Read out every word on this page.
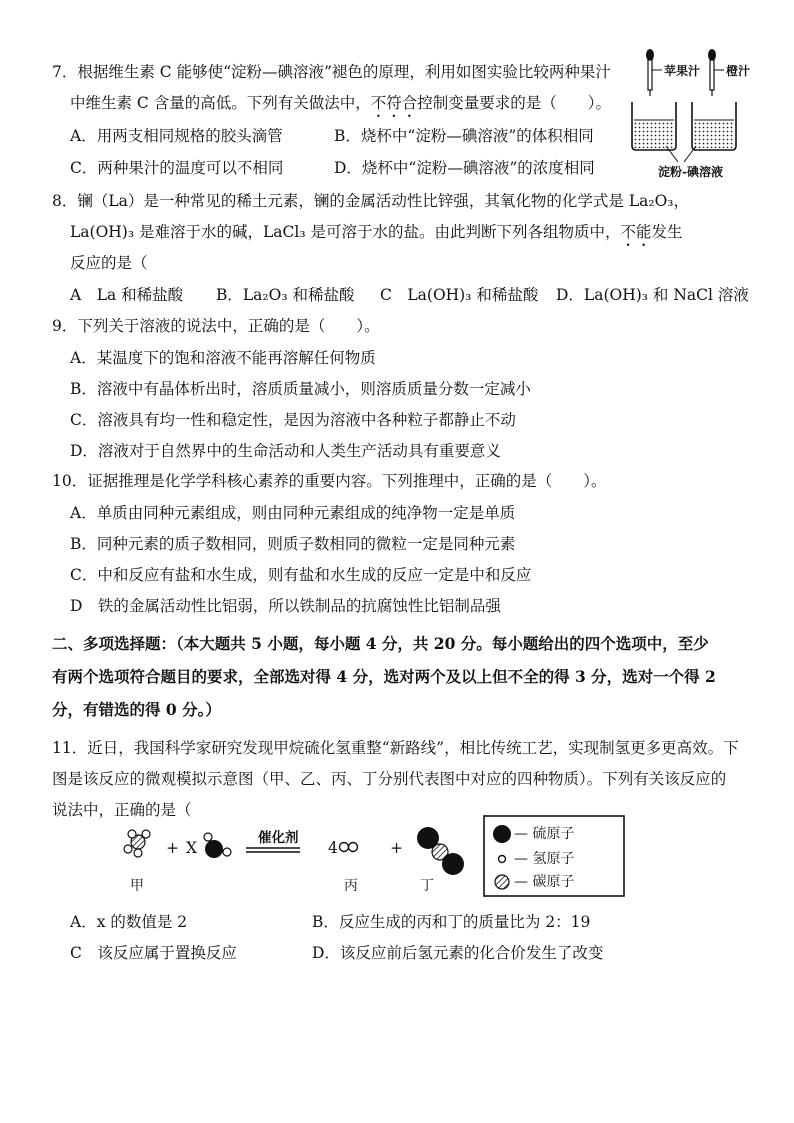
7．根据维生素 C 能够使“淀粉—碘溶液”褪色的原理，利用如图实验比较两种果汁
中维生素 C 含量的高低。下列有关做法中，不符合控制变量要求的是（　　）。
A．用两支相同规格的胶头滴管	B．烧杯中“淀粉—碘溶液”的体积相同
C．两种果汁的温度可以不相同	D．烧杯中“淀粉—碘溶液”的浓度相同
苹果汁 橙汁
淀粉-碘溶液
8．镧（La）是一种常见的稀土元素，镧的金属活动性比锌强，其氧化物的化学式是 La₂O₃，
La(OH)₃ 是难溶于水的碱，LaCl₃ 是可溶于水的盐。由此判断下列各组物质中，不能发生
反应的是（
A　La 和稀盐酸 B．La₂O₃ 和稀盐酸 C　La(OH)₃ 和稀盐酸 D．La(OH)₃ 和 NaCl 溶液
9．下列关于溶液的说法中，正确的是（　　）。
A．某温度下的饱和溶液不能再溶解任何物质
B．溶液中有晶体析出时，溶质质量减小，则溶质质量分数一定减小
C．溶液具有均一性和稳定性，是因为溶液中各种粒子都静止不动
D．溶液对于自然界中的生命活动和人类生产活动具有重要意义
10．证据推理是化学学科核心素养的重要内容。下列推理中，正确的是（　　）。
A．单质由同种元素组成，则由同种元素组成的纯净物一定是单质
B．同种元素的质子数相同，则质子数相同的微粒一定是同种元素
C．中和反应有盐和水生成，则有盐和水生成的反应一定是中和反应
D　铁的金属活动性比铝弱，所以铁制品的抗腐蚀性比铝制品强
二、多项选择题：（本大题共 5 小题，每小题 4 分，共 20 分。每小题给出的四个选项中，至少
有两个选项符合题目的要求，全部选对得 4 分，选对两个及以上但不全的得 3 分，选对一个得 2
分，有错选的得 0 分。）
11．近日，我国科学家研究发现甲烷硫化氢重整“新路线”，相比传统工艺，实现制氢更多更高效。下
图是该反应的微观模拟示意图（甲、乙、丙、丁分别代表图中对应的四种物质）。下列有关该反应的
说法中，正确的是（
+ X
催化剂
4	+
甲	丙	丁
— 硫原子
— 氢原子
— 碳原子
A．x 的数值是 2	B．反应生成的丙和丁的质量比为 2：19
C　该反应属于置换反应	D．该反应前后氢元素的化合价发生了改变
